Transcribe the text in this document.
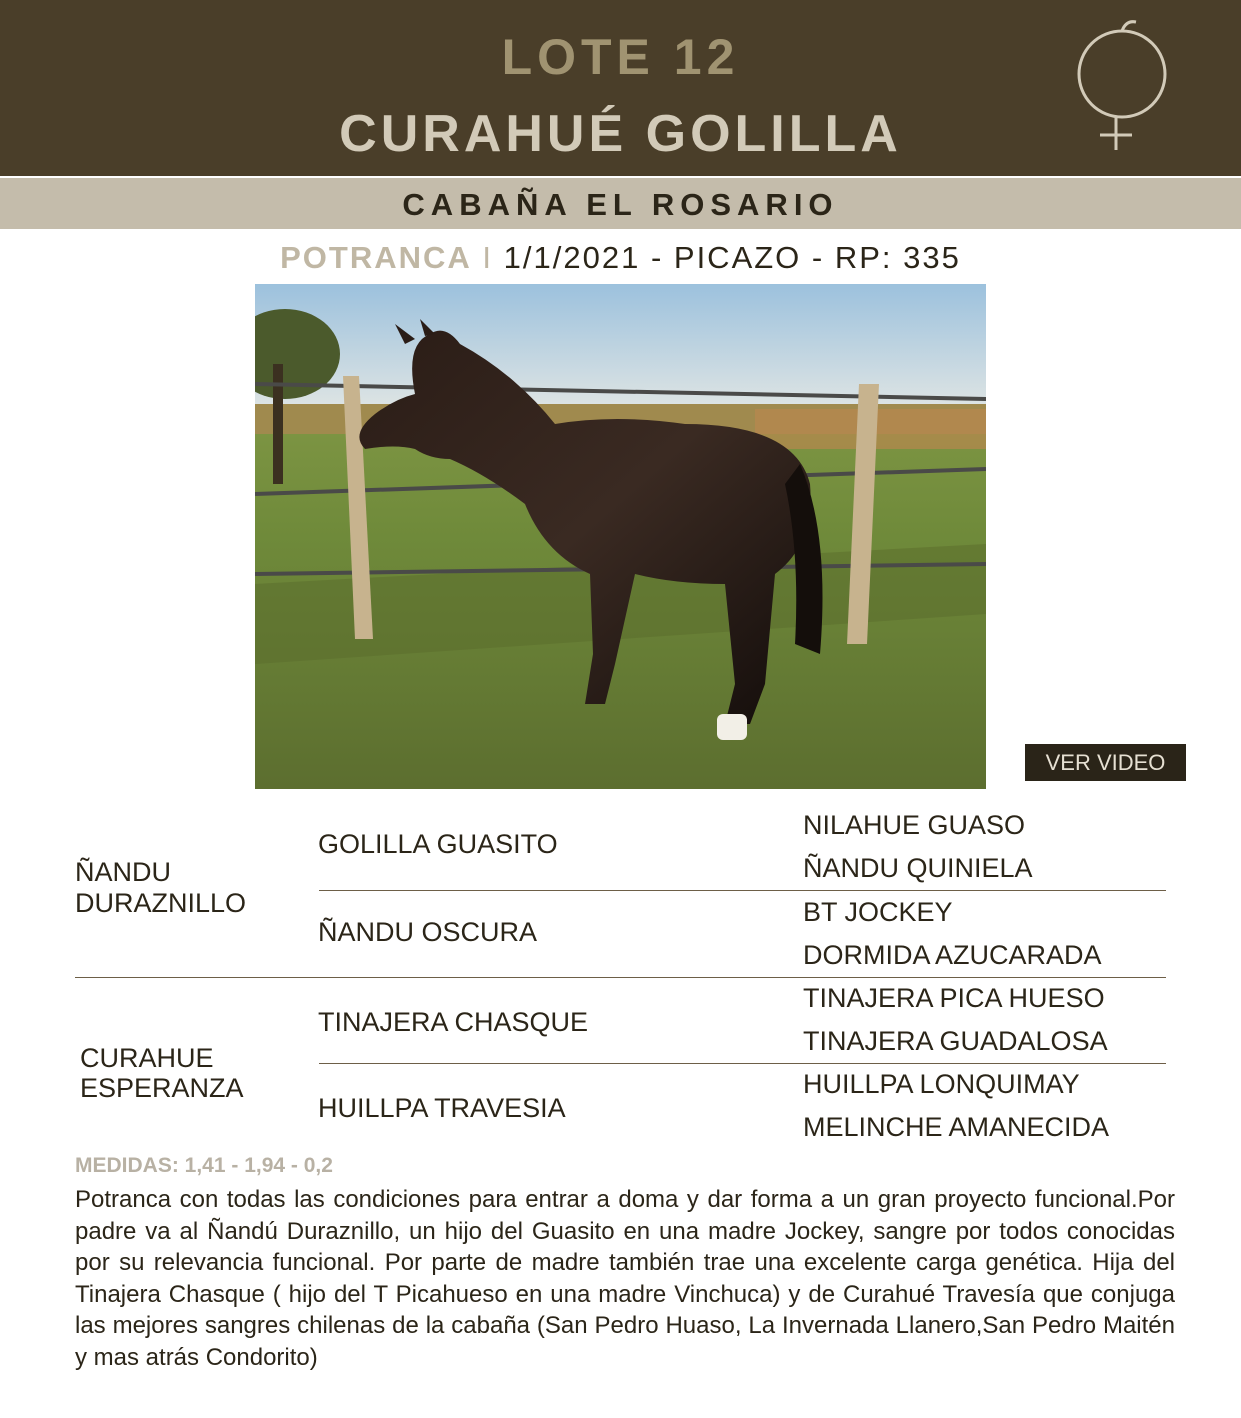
LOTE 12
CURAHUÉ GOLILLA
CABAÑA EL ROSARIO
POTRANCA I 1/1/2021 - PICAZO - RP: 335
VER VIDEO
ÑANDU
DURAZNILLO
GOLILLA GUASITO
ÑANDU OSCURA
NILAHUE GUASO
ÑANDU QUINIELA
BT JOCKEY
DORMIDA AZUCARADA
CURAHUE
ESPERANZA
TINAJERA CHASQUE
HUILLPA TRAVESIA
TINAJERA PICA HUESO
TINAJERA GUADALOSA
HUILLPA LONQUIMAY
MELINCHE AMANECIDA
MEDIDAS: 1,41 - 1,94 - 0,2
Potranca con todas las condiciones para entrar a doma y dar forma a un gran proyecto funcional.Por padre va al Ñandú Duraznillo, un hijo del Guasito en una madre Jockey, sangre por todos conocidas por su relevancia funcional. Por parte de madre también trae una excelente carga genética. Hija del Tinajera Chasque ( hijo del T Picahueso en una madre Vinchuca) y de Curahué Travesía que conjuga las mejores sangres chilenas de la cabaña (San Pedro Huaso, La Invernada Llanero,San Pedro Maitén y mas atrás Condorito)
